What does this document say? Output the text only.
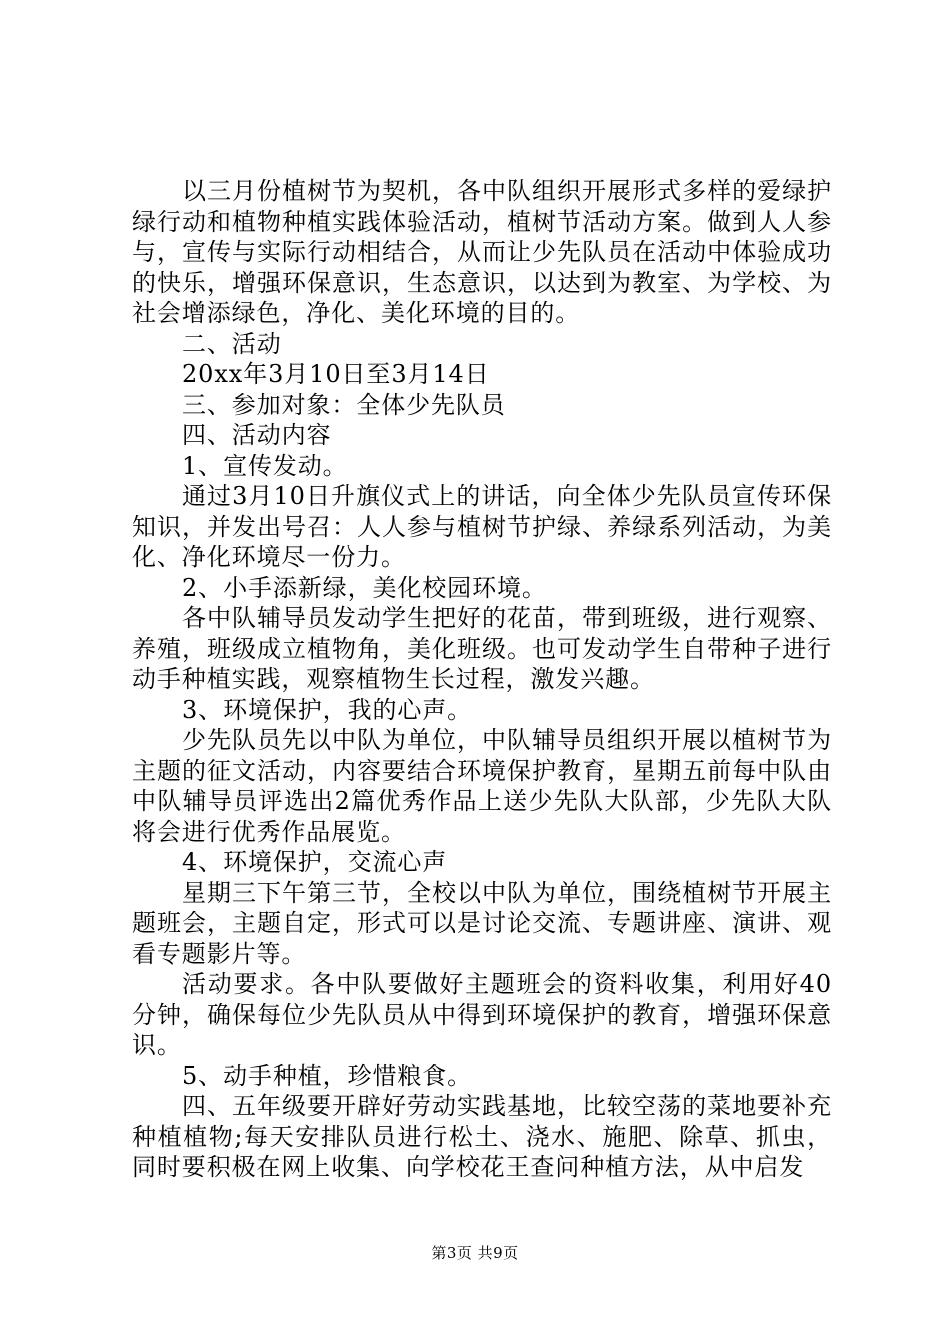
以三月份植树节为契机，各中队组织开展形式多样的爱绿护绿行动和植物种植实践体验活动，植树节活动方案。做到人人参与，宣传与实际行动相结合，从而让少先队员在活动中体验成功的快乐，增强环保意识，生态意识，以达到为教室、为学校、为社会增添绿色，净化、美化环境的目的。

二、活动

20xx年3月10日至3月14日

三、参加对象：全体少先队员

四、活动内容

1、宣传发动。

通过3月10日升旗仪式上的讲话，向全体少先队员宣传环保知识，并发出号召：人人参与植树节护绿、养绿系列活动，为美化、净化环境尽一份力。

2、小手添新绿，美化校园环境。

各中队辅导员发动学生把好的花苗，带到班级，进行观察、养殖，班级成立植物角，美化班级。也可发动学生自带种子进行动手种植实践，观察植物生长过程，激发兴趣。

3、环境保护，我的心声。

少先队员先以中队为单位，中队辅导员组织开展以植树节为主题的征文活动，内容要结合环境保护教育，星期五前每中队由中队辅导员评选出2篇优秀作品上送少先队大队部，少先队大队将会进行优秀作品展览。

4、环境保护，交流心声

星期三下午第三节，全校以中队为单位，围绕植树节开展主题班会，主题自定，形式可以是讨论交流、专题讲座、演讲、观看专题影片等。

活动要求。各中队要做好主题班会的资料收集，利用好40分钟，确保每位少先队员从中得到环境保护的教育，增强环保意识。

5、动手种植，珍惜粮食。

四、五年级要开辟好劳动实践基地，比较空荡的菜地要补充种植植物;每天安排队员进行松土、浇水、施肥、除草、抓虫，同时要积极在网上收集、向学校花王查问种植方法，从中启发

第3页 共9页
